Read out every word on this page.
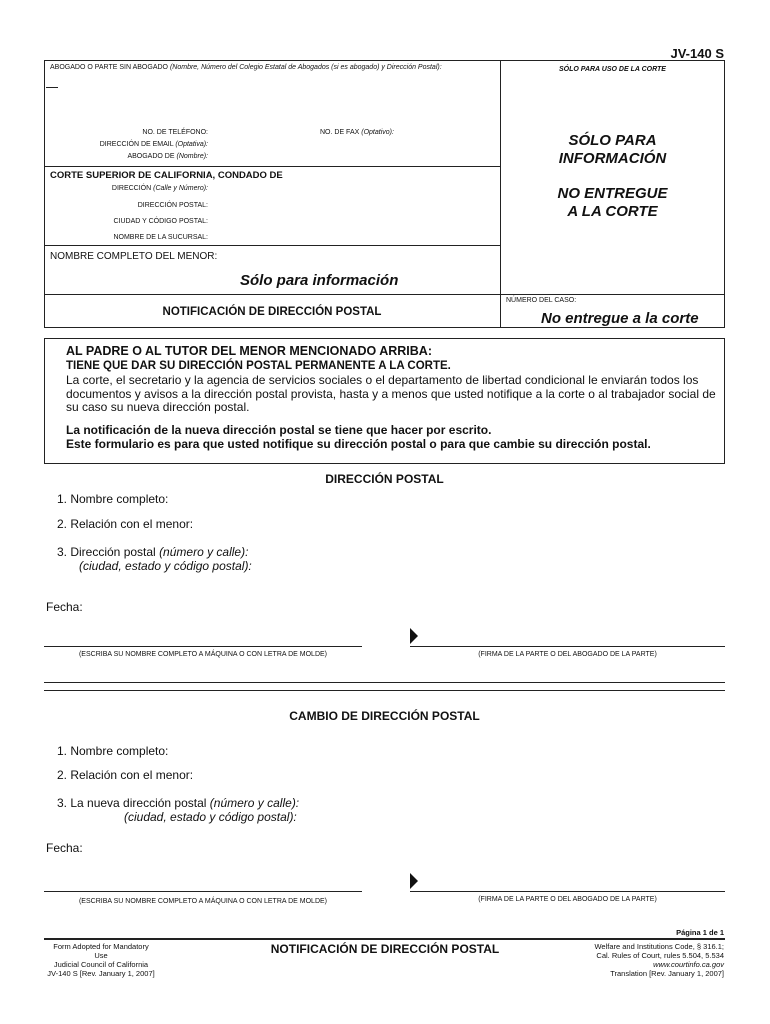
JV-140 S
ABOGADO O PARTE SIN ABOGADO (Nombre, Número del Colegio Estatal de Abogados (si es abogado) y Dirección Postal):
NO. DE TELÉFONO:	NO. DE FAX (Optativo):
DIRECCIÓN DE EMAIL (Optativa):
ABOGADO DE (Nombre):
CORTE SUPERIOR DE CALIFORNIA, CONDADO DE
DIRECCIÓN (Calle y Número):
DIRECCIÓN POSTAL:
CIUDAD Y CÓDIGO POSTAL:
NOMBRE DE LA SUCURSAL:
NOMBRE COMPLETO DEL MENOR:
Sólo para información
NOTIFICACIÓN DE DIRECCIÓN POSTAL
SÓLO PARA USO DE LA CORTE
SÓLO PARA
INFORMACIÓN
NO ENTREGUE
A LA CORTE
NÚMERO DEL CASO:
No entregue a la corte
AL PADRE O AL TUTOR DEL MENOR MENCIONADO ARRIBA:
TIENE QUE DAR SU DIRECCIÓN POSTAL PERMANENTE A LA CORTE.
La corte, el secretario y la agencia de servicios sociales o el departamento de libertad condicional le enviarán todos los
documentos y avisos a la dirección postal provista, hasta y a menos que usted notifique a la corte o al trabajador social de
su caso su nueva dirección postal.
La notificación de la nueva dirección postal se tiene que hacer por escrito.
Este formulario es para que usted notifique su dirección postal o para que cambie su dirección postal.
DIRECCIÓN POSTAL
1. Nombre completo:
2. Relación con el menor:
3. Dirección postal (número y calle):
(ciudad, estado y código postal):
Fecha:
(ESCRIBA SU NOMBRE COMPLETO A MÁQUINA O CON LETRA DE MOLDE)	(FIRMA DE LA PARTE O DEL ABOGADO DE LA PARTE)
CAMBIO DE DIRECCIÓN POSTAL
1. Nombre completo:
2. Relación con el menor:
3. La nueva dirección postal (número y calle):
(ciudad, estado y código postal):
Fecha:
(ESCRIBA SU NOMBRE COMPLETO A MÁQUINA O CON LETRA DE MOLDE)	(FIRMA DE LA PARTE O DEL ABOGADO DE LA PARTE)
Página 1 de 1
Form Adopted for Mandatory Use
Judicial Council of California
JV-140 S [Rev. January 1, 2007]
NOTIFICACIÓN DE DIRECCIÓN POSTAL	Welfare and Institutions Code, § 316.1;
Cal. Rules of Court, rules 5.504, 5.534
www.courtinfo.ca.gov
Translation [Rev. January 1, 2007]
